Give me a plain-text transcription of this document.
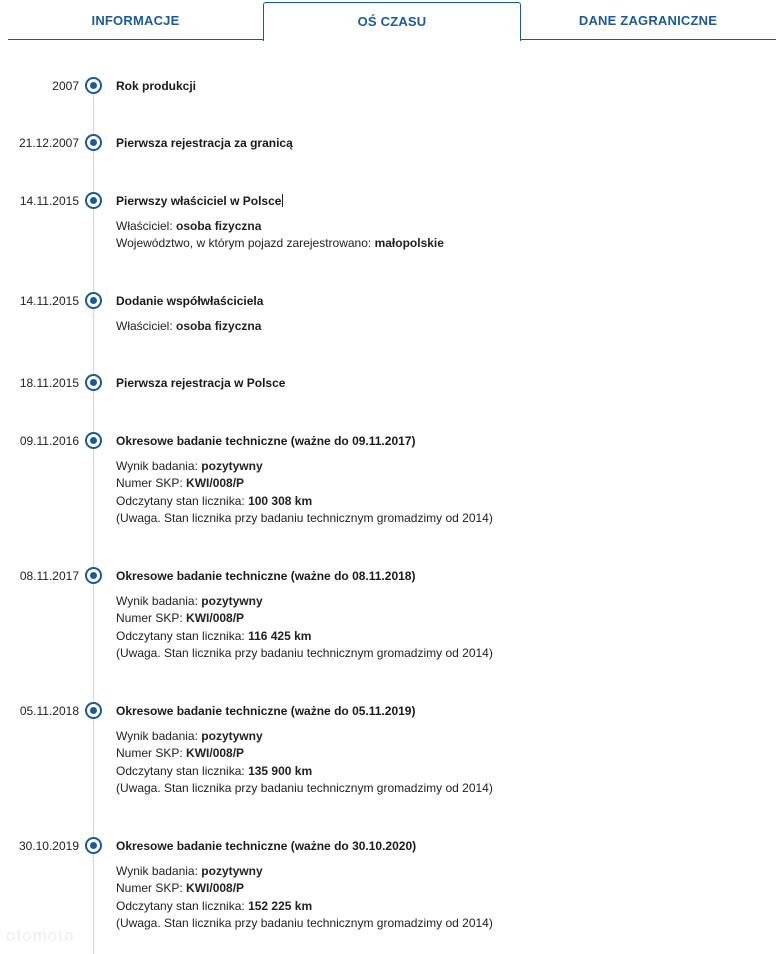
INFORMACJE	OŚ CZASU	DANE ZAGRANICZNE
2007	Rok produkcji
21.12.2007	Pierwsza rejestracja za granicą
14.11.2015	Pierwszy właściciel w Polsce
Właściciel: osoba fizyczna
Województwo, w którym pojazd zarejestrowano: małopolskie
14.11.2015	Dodanie współwłaściciela
Właściciel: osoba fizyczna
18.11.2015	Pierwsza rejestracja w Polsce
09.11.2016	Okresowe badanie techniczne (ważne do 09.11.2017)
Wynik badania: pozytywny
Numer SKP: KWI/008/P
Odczytany stan licznika: 100 308 km
(Uwaga. Stan licznika przy badaniu technicznym gromadzimy od 2014)
08.11.2017	Okresowe badanie techniczne (ważne do 08.11.2018)
Wynik badania: pozytywny
Numer SKP: KWI/008/P
Odczytany stan licznika: 116 425 km
(Uwaga. Stan licznika przy badaniu technicznym gromadzimy od 2014)
05.11.2018	Okresowe badanie techniczne (ważne do 05.11.2019)
Wynik badania: pozytywny
Numer SKP: KWI/008/P
Odczytany stan licznika: 135 900 km
(Uwaga. Stan licznika przy badaniu technicznym gromadzimy od 2014)
30.10.2019	Okresowe badanie techniczne (ważne do 30.10.2020)
Wynik badania: pozytywny
Numer SKP: KWI/008/P
Odczytany stan licznika: 152 225 km
(Uwaga. Stan licznika przy badaniu technicznym gromadzimy od 2014)
otomoto
